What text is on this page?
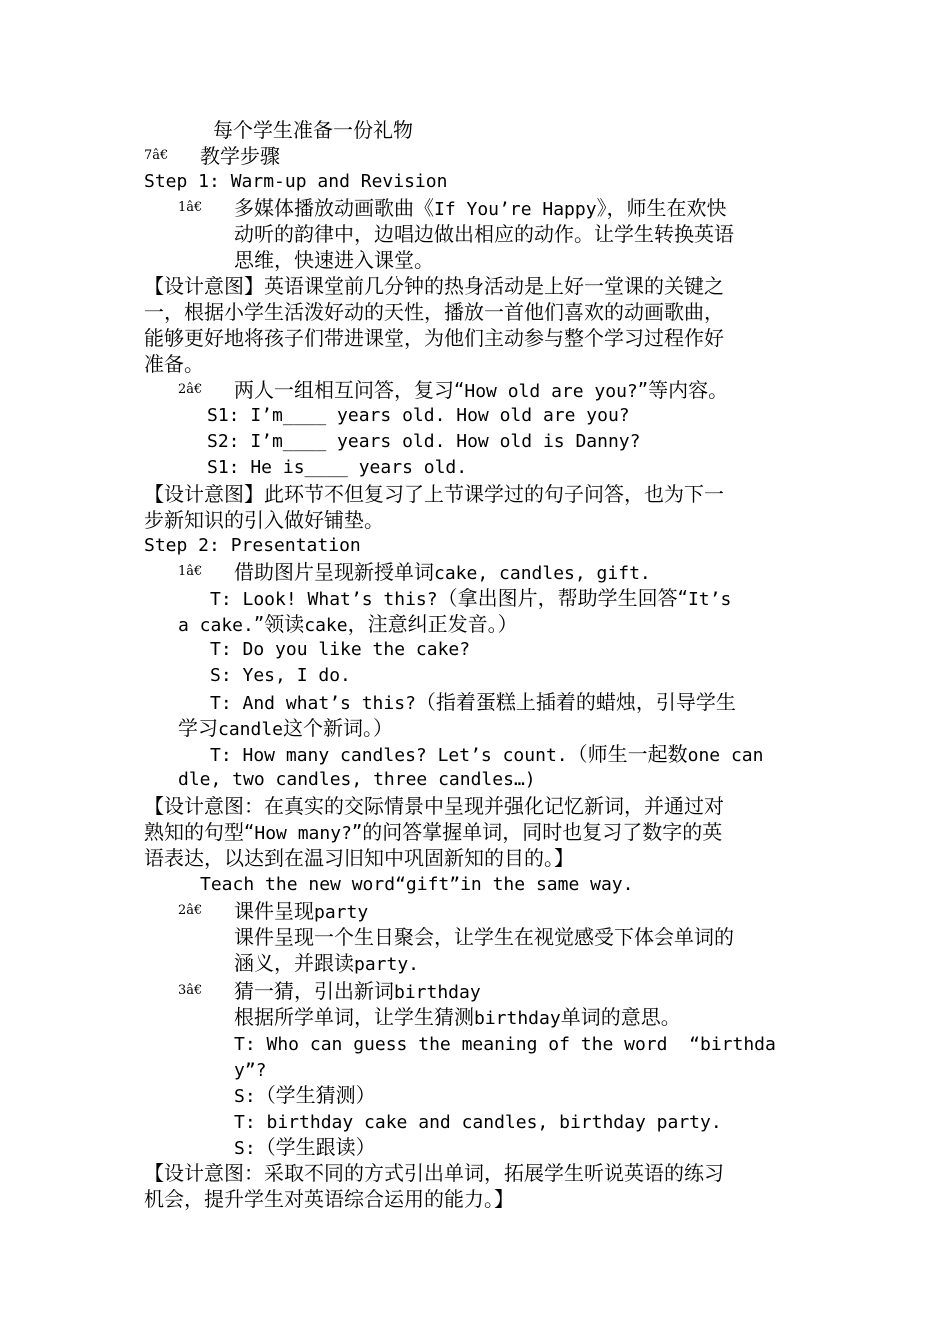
每个学生准备一份礼物
7â€ 教学步骤
Step 1: Warm-up and Revision
1â€ 多媒体播放动画歌曲《If You’re Happy》，师生在欢快
动听的韵律中，边唱边做出相应的动作。让学生转换英语
思维，快速进入课堂。
【设计意图】英语课堂前几分钟的热身活动是上好一堂课的关键之
一，根据小学生活泼好动的天性，播放一首他们喜欢的动画歌曲，
能够更好地将孩子们带进课堂，为他们主动参与整个学习过程作好
准备。
2â€ 两人一组相互问答，复习“How old are you?”等内容。
S1: I’m____ years old. How old are you?
S2: I’m____ years old. How old is Danny?
S1: He is____ years old.
【设计意图】此环节不但复习了上节课学过的句子问答，也为下一
步新知识的引入做好铺垫。
Step 2: Presentation
1â€ 借助图片呈现新授单词cake, candles, gift.
T: Look! What’s this?（拿出图片，帮助学生回答“It’s
a cake.”领读cake，注意纠正发音。）
T: Do you like the cake?
S: Yes, I do.
T: And what’s this?（指着蛋糕上插着的蜡烛，引导学生
学习candle这个新词。）
T: How many candles? Let’s count.（师生一起数one can
dle, two candles, three candles…)
【设计意图：在真实的交际情景中呈现并强化记忆新词，并通过对
熟知的句型“How many?”的问答掌握单词，同时也复习了数字的英
语表达，以达到在温习旧知中巩固新知的目的。】
Teach the new word“gift”in the same way.
2â€ 课件呈现party
课件呈现一个生日聚会，让学生在视觉感受下体会单词的
涵义，并跟读party.
3â€ 猜一猜，引出新词birthday
根据所学单词，让学生猜测birthday单词的意思。
T: Who can guess the meaning of the word  “birthda
y”?
S:（学生猜测）
T: birthday cake and candles, birthday party.
S:（学生跟读）
【设计意图：采取不同的方式引出单词，拓展学生听说英语的练习
机会，提升学生对英语综合运用的能力。】
